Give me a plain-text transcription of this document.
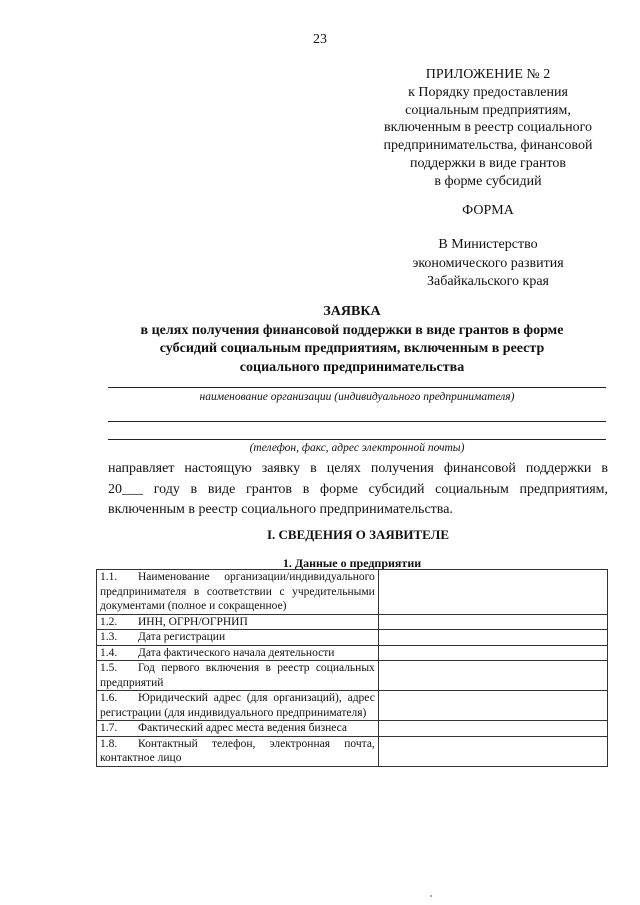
23
ПРИЛОЖЕНИЕ № 2
к Порядку предоставления
социальным предприятиям,
включенным в реестр социального
предпринимательства, финансовой
поддержки в виде грантов
в форме субсидий
ФОРМА
В Министерство
экономического развития
Забайкальского края
ЗАЯВКА
в целях получения финансовой поддержки в виде грантов в форме
субсидий социальным предприятиям, включенным в реестр
социального предпринимательства
наименование организации (индивидуального предпринимателя)
(телефон, факс, адрес электронной почты)
направляет настоящую заявку в целях получения финансовой поддержки в
20___ году в виде грантов в форме субсидий социальным предприятиям,
включенным в реестр социального предпринимательства.
I. СВЕДЕНИЯ О ЗАЯВИТЕЛЕ
1. Данные о предприятии
1.1. Наименование организации/индивидуального предпринимателя в соответствии с учредительными документами (полное и сокращенное)	
1.2. ИНН, ОГРН/ОГРНИП	
1.3. Дата регистрации	
1.4. Дата фактического начала деятельности	
1.5. Год первого включения в реестр социальных предприятий	
1.6. Юридический адрес (для организаций), адрес регистрации (для индивидуального предпринимателя)	
1.7. Фактический адрес места ведения бизнеса	
1.8. Контактный телефон, электронная почта, контактное лицо	
